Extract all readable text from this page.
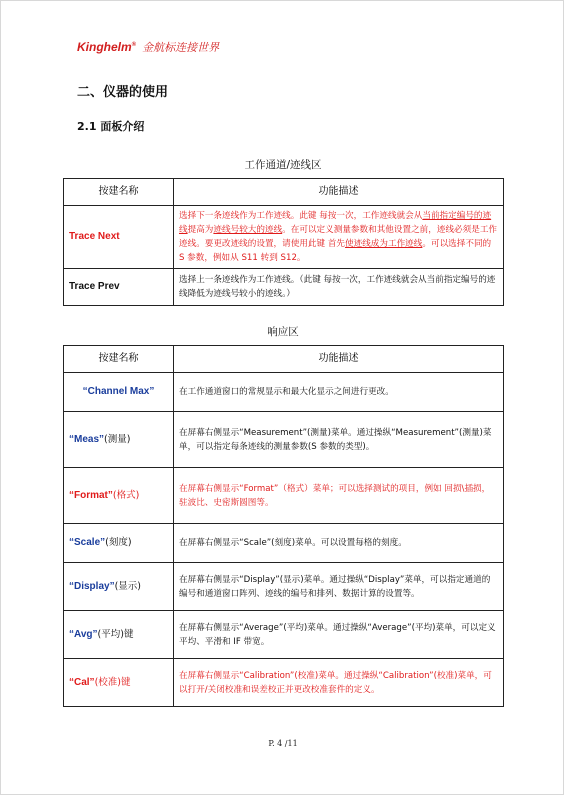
Kinghelm® 金航标连接世界
二、仪器的使用
2.1 面板介绍
工作通道/迹线区
按建名称	功能描述
Trace Next	选择下一条迹线作为工作迹线。此键 每按一次，工作迹线就会从当前指定编号的迹线提高为迹线号较大的迹线。在可以定义测量参数和其他设置之前，迹线必须是工作迹线。要更改迹线的设置，请使用此键 首先使迹线成为工作迹线。可以选择不同的 S 参数，例如从 S11 转到 S12。
Trace Prev	选择上一条迹线作为工作迹线。（此键 每按一次，工作迹线就会从当前指定编号的迹线降低为迹线号较小的迹线。）
响应区
按建名称	功能描述
“Channel Max”	在工作通道窗口的常规显示和最大化显示之间进行更改。
“Meas”(测量)	在屏幕右侧显示“Measurement”(测量)菜单。通过操纵“Measurement”(测量)菜单，可以指定每条迹线的测量参数(S 参数的类型)。
“Format”(格式)	在屏幕右侧显示“Format”（格式）菜单；可以选择测试的项目，例如 回损\插损，驻波比、史密斯圆图等。
“Scale”(刻度)	在屏幕右侧显示“Scale”(刻度)菜单。可以设置每格的刻度。
“Display”(显示)	在屏幕右侧显示“Display”(显示)菜单。通过操纵“Display”菜单，可以指定通道的编号和通道窗口阵列、迹线的编号和排列、数据计算的设置等。
“Avg”(平均)键	在屏幕右侧显示“Average”(平均)菜单。通过操纵“Average”(平均)菜单，可以定义平均、平滑和 IF 带宽。
“Cal”(校准)键	在屏幕右侧显示“Calibration”(校准)菜单。通过操纵“Calibration”(校准)菜单，可以打开/关闭校准和误差校正并更改校准套件的定义。
P. 4 /11
